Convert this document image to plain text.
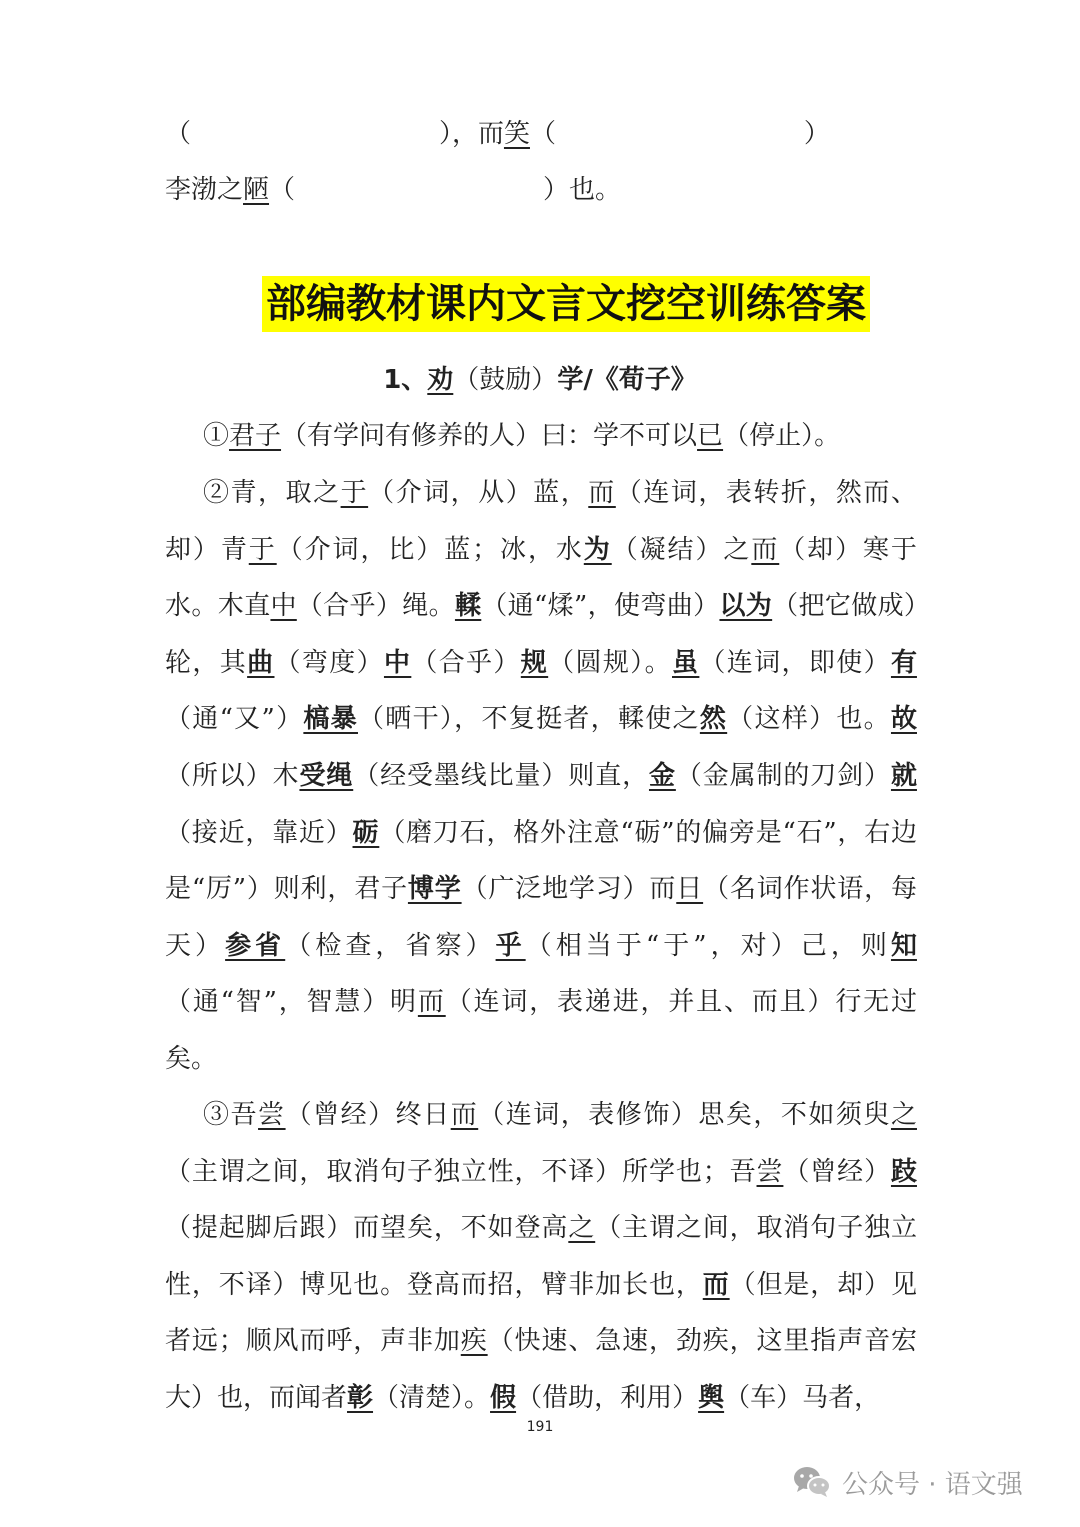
（                              ），而笑（                              ）
李渤之陋（                              ）也。
部编教材课内文言文挖空训练答案
1、劝（鼓励）学/《荀子》
①君子（有学问有修养的人）曰：学不可以已（停止）。
②青，取之于（介词，从）蓝，而（连词，表转折，然而、却）青于（介词，比）蓝；冰，水为（凝结）之而（却）寒于水。木直中（合乎）绳。輮（通“煣”，使弯曲）以为（把它做成）轮，其曲（弯度）中（合乎）规（圆规）。虽（连词，即使）有（通“又”）槁暴（晒干），不复挺者，輮使之然（这样）也。故（所以）木受绳（经受墨线比量）则直，金（金属制的刀剑）就（接近，靠近）砺（磨刀石，格外注意“砺”的偏旁是“石”，右边是“厉”）则利，君子博学（广泛地学习）而日（名词作状语，每天）参省（检查，省察）乎（相当于“于”，对）己，则知（通“智”，智慧）明而（连词，表递进，并且、而且）行无过矣。
③吾尝（曾经）终日而（连词，表修饰）思矣，不如须臾之（主谓之间，取消句子独立性，不译）所学也；吾尝（曾经）跂（提起脚后跟）而望矣，不如登高之（主谓之间，取消句子独立性，不译）博见也。登高而招，臂非加长也，而（但是，却）见者远；顺风而呼，声非加疾（快速、急速，劲疾，这里指声音宏大）也，而闻者彰（清楚）。假（借助，利用）舆（车）马者，
191
公众号 · 语文强
